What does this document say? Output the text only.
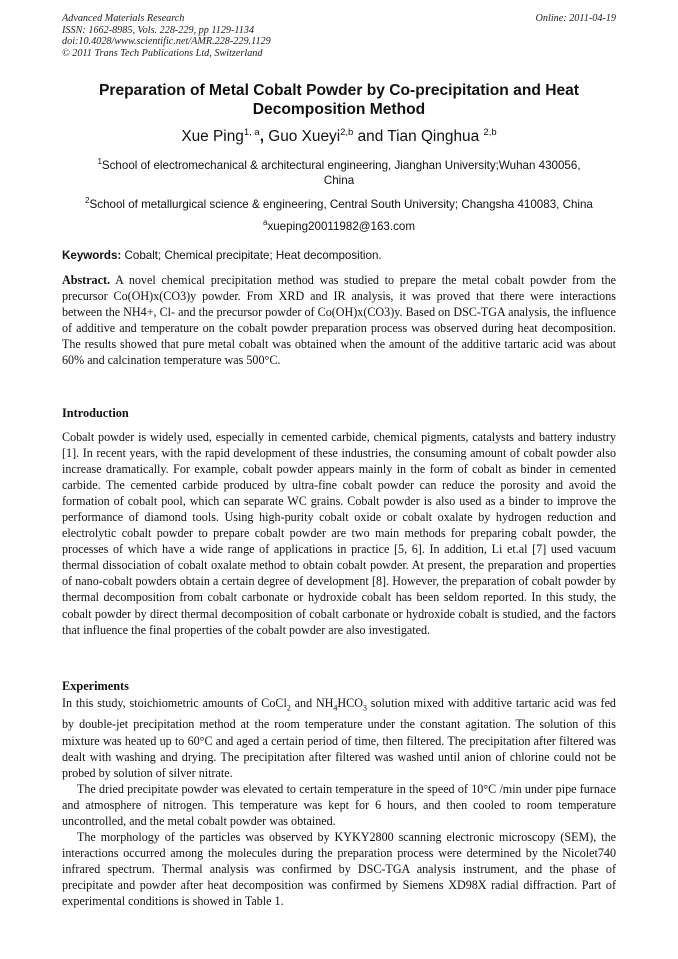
Advanced Materials Research
ISSN: 1662-8985, Vols. 228-229, pp 1129-1134
doi:10.4028/www.scientific.net/AMR.228-229.1129
© 2011 Trans Tech Publications Ltd, Switzerland
Online: 2011-04-19
Preparation of Metal Cobalt Powder by Co-precipitation and Heat
Decomposition Method
Xue Ping$^{1, a}$, Guo Xueyi$^{2,b}$ and Tian Qinghua $^{2,b}$
$^1$School of electromechanical & architectural engineering, Jianghan University;Wuhan 430056,
China
$^2$School of metallurgical science & engineering, Central South University; Changsha 410083, China
$^a$xueping20011982@163.com
Keywords: Cobalt; Chemical precipitate; Heat decomposition.
Abstract. A novel chemical precipitation method was studied to prepare the metal cobalt powder from the precursor Co(OH)x(CO3)y powder. From XRD and IR analysis, it was proved that there were interactions between the NH4+, Cl- and the precursor powder of Co(OH)x(CO3)y. Based on DSC-TGA analysis, the influence of additive and temperature on the cobalt powder preparation process was observed during heat decomposition. The results showed that pure metal cobalt was obtained when the amount of the additive tartaric acid was about 60% and calcination temperature was 500°C.
Introduction
Cobalt powder is widely used, especially in cemented carbide, chemical pigments, catalysts and battery industry [1]. In recent years, with the rapid development of these industries, the consuming amount of cobalt powder also increase dramatically. For example, cobalt powder appears mainly in the form of cobalt as binder in cemented carbide. The cemented carbide produced by ultra-fine cobalt powder can reduce the porosity and avoid the formation of cobalt pool, which can separate WC grains. Cobalt powder is also used as a binder to improve the performance of diamond tools. Using high-purity cobalt oxide or cobalt oxalate by hydrogen reduction and electrolytic cobalt powder to prepare cobalt powder are two main methods for preparing cobalt powder, the processes of which have a wide range of applications in practice [5, 6]. In addition, Li et.al [7] used vacuum thermal dissociation of cobalt oxalate method to obtain cobalt powder. At present, the preparation and properties of nano-cobalt powders obtain a certain degree of development [8]. However, the preparation of cobalt powder by thermal decomposition from cobalt carbonate or hydroxide cobalt has been seldom reported. In this study, the cobalt powder by direct thermal decomposition of cobalt carbonate or hydroxide cobalt is studied, and the factors that influence the final properties of the cobalt powder are also investigated.
Experiments

In this study, stoichiometric amounts of CoCl$_2$ and $NH_4HCO_3$ solution mixed with additive tartaric acid was fed by double-jet precipitation method at the room temperature under the constant agitation. The solution of this mixture was heated up to 60°C and aged a certain period of time, then filtered. The precipitation after filtered was dealt with washing and drying. The precipitation after filtered was washed until anion of chlorine could not be probed by solution of silver nitrate.

The dried precipitate powder was elevated to certain temperature in the speed of 10°C /min under pipe furnace and atmosphere of nitrogen. This temperature was kept for 6 hours, and then cooled to room temperature uncontrolled, and the metal cobalt powder was obtained.

The morphology of the particles was observed by KYKY2800 scanning electronic microscopy (SEM), the interactions occurred among the molecules during the preparation process were determined by the Nicolet740 infrared spectrum. Thermal analysis was confirmed by DSC-TGA analysis instrument, and the phase of precipitate and powder after heat decomposition was confirmed by Siemens XD98X radial diffraction. Part of experimental conditions is showed in Table 1.
